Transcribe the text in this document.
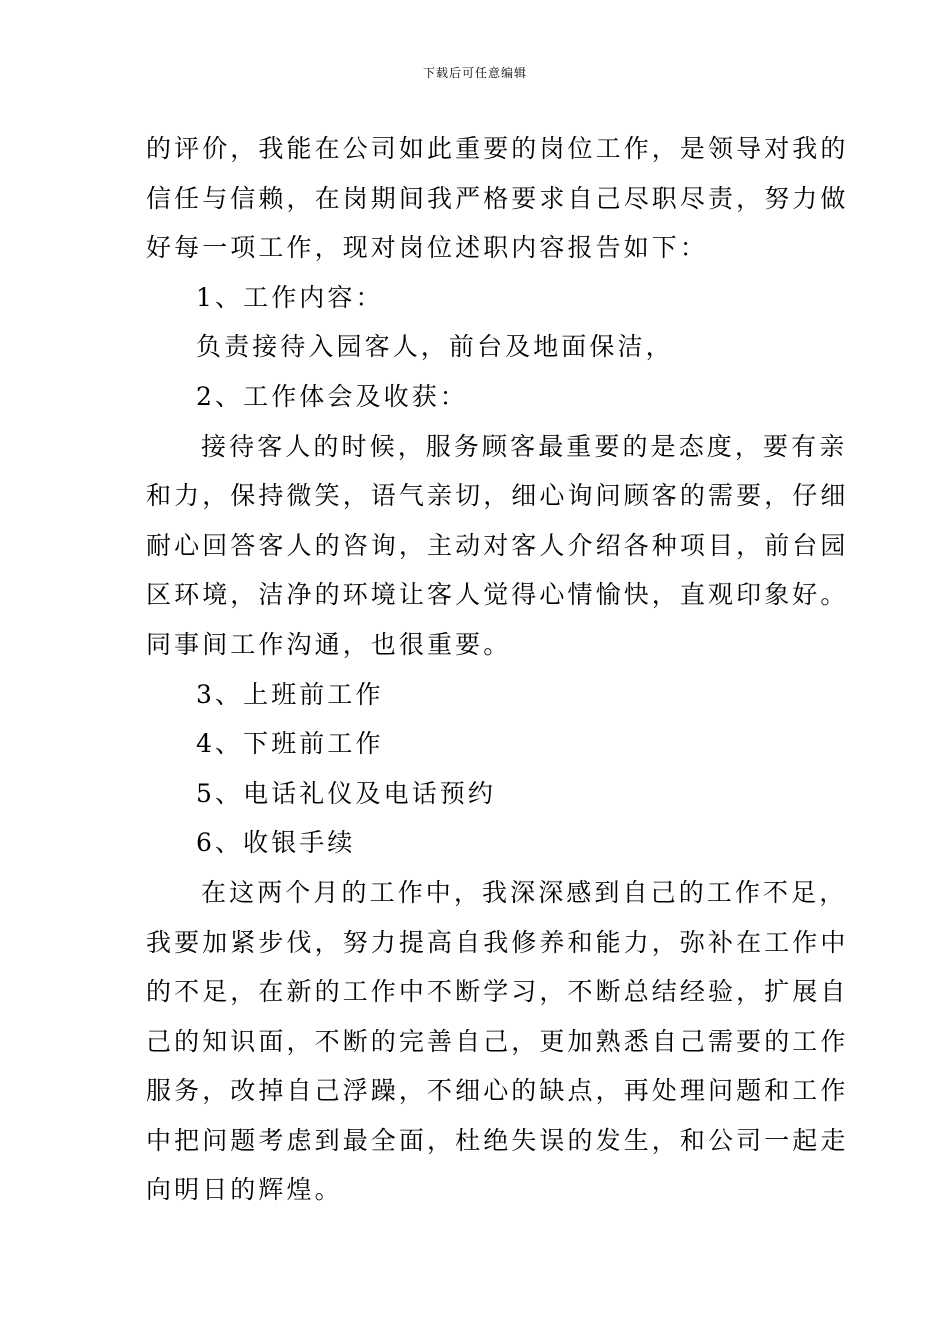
下载后可任意编辑
的评价，我能在公司如此重要的岗位工作，是领导对我的
信任与信赖，在岗期间我严格要求自己尽职尽责，努力做
好每一项工作，现对岗位述职内容报告如下：
1、工作内容：
负责接待入园客人，前台及地面保洁，
2、工作体会及收获：
接待客人的时候，服务顾客最重要的是态度，要有亲
和力，保持微笑，语气亲切，细心询问顾客的需要，仔细
耐心回答客人的咨询，主动对客人介绍各种项目，前台园
区环境，洁净的环境让客人觉得心情愉快，直观印象好。
同事间工作沟通，也很重要。
3、上班前工作
4、下班前工作
5、电话礼仪及电话预约
6、收银手续
在这两个月的工作中，我深深感到自己的工作不足，
我要加紧步伐，努力提高自我修养和能力，弥补在工作中
的不足，在新的工作中不断学习，不断总结经验，扩展自
己的知识面，不断的完善自己，更加熟悉自己需要的工作
服务，改掉自己浮躁，不细心的缺点，再处理问题和工作
中把问题考虑到最全面，杜绝失误的发生，和公司一起走
向明日的辉煌。
